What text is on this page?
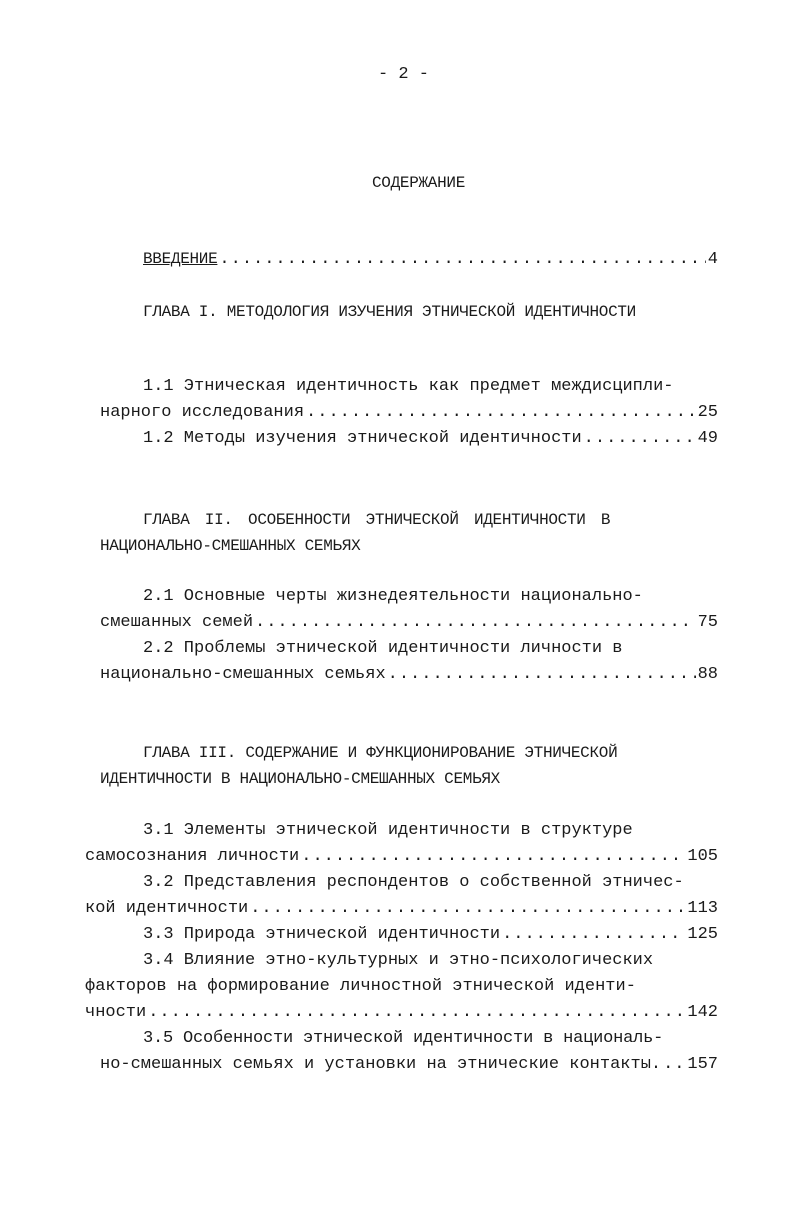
- 2 -
СОДЕРЖАНИЕ
ВВЕДЕНИЕ .....	4
ГЛАВА I. МЕТОДОЛОГИЯ ИЗУЧЕНИЯ ЭТНИЧЕСКОЙ ИДЕНТИЧНОСТИ
1.1 Этническая идентичность как предмет междисципли-
нарного исследования .....	25
1.2 Методы изучения этнической идентичности .....	49
ГЛАВА II. ОСОБЕННОСТИ ЭТНИЧЕСКОЙ ИДЕНТИЧНОСТИ В
НАЦИОНАЛЬНО-СМЕШАННЫХ СЕМЬЯХ
2.1 Основные черты жизнедеятельности национально-
смешанных семей .....	75
2.2 Проблемы этнической идентичности личности в
национально-смешанных семьях .....	88
ГЛАВА III. СОДЕРЖАНИЕ И ФУНКЦИОНИРОВАНИЕ ЭТНИЧЕСКОЙ
ИДЕНТИЧНОСТИ В НАЦИОНАЛЬНО-СМЕШАННЫХ СЕМЬЯХ
3.1 Элементы этнической идентичности в структуре
самосознания личности .....	105
3.2 Представления респондентов о собственной этничес-
кой идентичности .....	113
3.3 Природа этнической идентичности .....	125
3.4 Влияние этно-культурных и этно-психологических
факторов на формирование личностной этнической иденти-
чности .....	142
3.5 Особенности этнической идентичности в националь-
но-смешанных семьях и установки на этнические контакты. ..... 157
